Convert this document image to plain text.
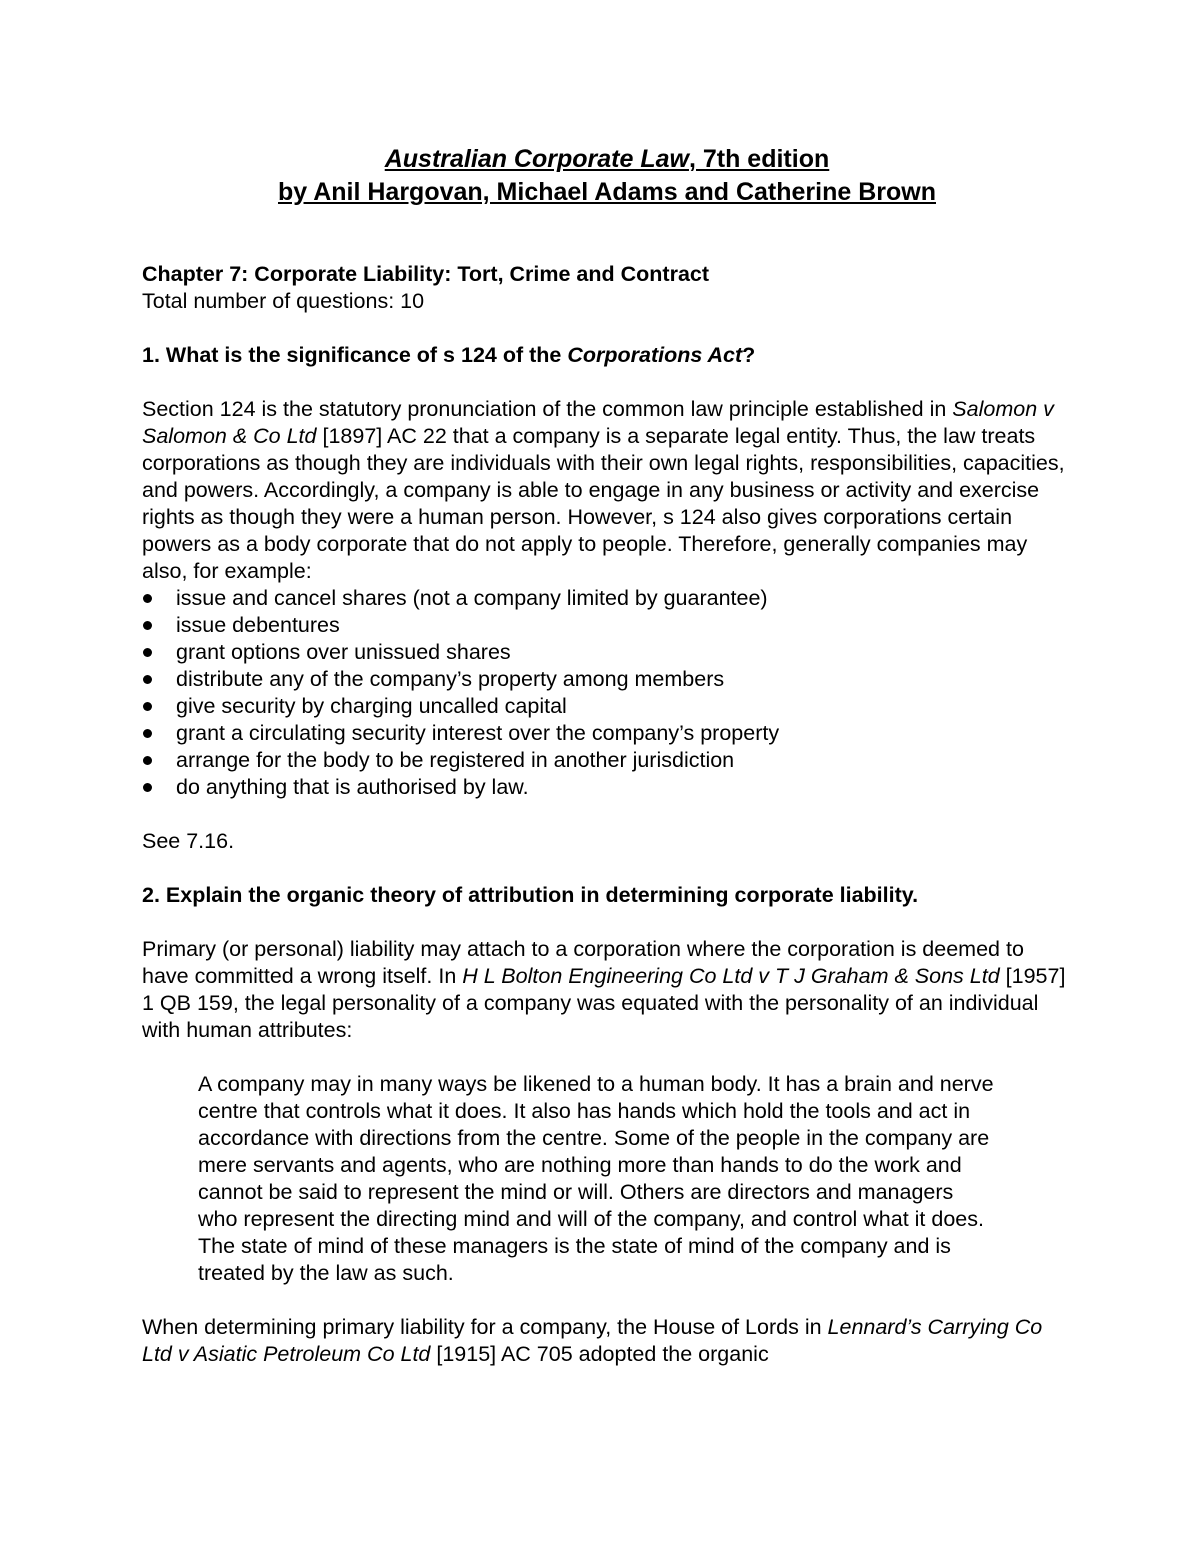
Australian Corporate Law, 7th edition

by Anil Hargovan, Michael Adams and Catherine Brown

Chapter 7: Corporate Liability: Tort, Crime and Contract

Total number of questions: 10

1. What is the significance of s 124 of the Corporations Act?

Section 124 is the statutory pronunciation of the common law principle established in Salomon v Salomon & Co Ltd [1897] AC 22 that a company is a separate legal entity. Thus, the law treats corporations as though they are individuals with their own legal rights, responsibilities, capacities, and powers. Accordingly, a company is able to engage in any business or activity and exercise rights as though they were a human person. However, s 124 also gives corporations certain powers as a body corporate that do not apply to people. Therefore, generally companies may also, for example:

issue and cancel shares (not a company limited by guarantee)
issue debentures
grant options over unissued shares
distribute any of the company’s property among members
give security by charging uncalled capital
grant a circulating security interest over the company’s property
arrange for the body to be registered in another jurisdiction
do anything that is authorised by law.

See 7.16.

2. Explain the organic theory of attribution in determining corporate liability.

Primary (or personal) liability may attach to a corporation where the corporation is deemed to have committed a wrong itself. In H L Bolton Engineering Co Ltd v T J Graham & Sons Ltd [1957] 1 QB 159, the legal personality of a company was equated with the personality of an individual with human attributes:

A company may in many ways be likened to a human body. It has a brain and nerve centre that controls what it does. It also has hands which hold the tools and act in accordance with directions from the centre. Some of the people in the company are mere servants and agents, who are nothing more than hands to do the work and cannot be said to represent the mind or will. Others are directors and managers who represent the directing mind and will of the company, and control what it does. The state of mind of these managers is the state of mind of the company and is treated by the law as such.

When determining primary liability for a company, the House of Lords in Lennard’s Carrying Co Ltd v Asiatic Petroleum Co Ltd [1915] AC 705 adopted the organic
